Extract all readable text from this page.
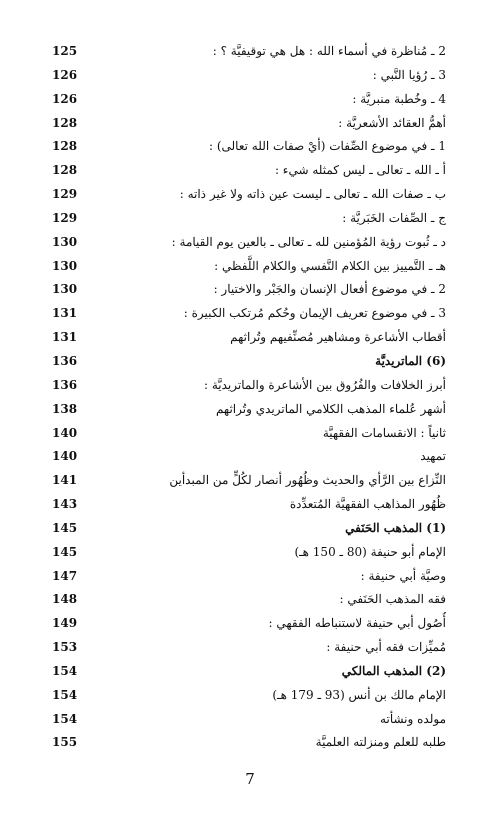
2 ـ مُناظرة في أسماء الله : هل هي توقيفيَّة ؟ :
125
3 ـ رُؤيا النَّبي :
126
4 ـ وخُطبة منبريَّة :
126
أهمُّ العقائد الأشعريَّة :
128
1 ـ في موضوع الصِّفات (أيْ صفات الله تعالى) :
128
أ ـ الله ـ تعالى ـ ليس كمثله شيء :
128
ب ـ صفات الله ـ تعالى ـ ليست عين ذاته ولا غير ذاته :
129
ج ـ الصِّفات الخَبَريَّة :
129
د ـ ثُبوت رؤية المُؤمنين لله ـ تعالى ـ بالعين يوم القيامة :
130
هـ ـ التَّمييز بين الكلام النَّفسي والكلام اللَّفظي :
130
2 ـ في موضوع أفعال الإنسان والجَبْر والاختيار :
130
3 ـ في موضوع تعريف الإيمان وحُكم مُرتكب الكبيرة :
131
أقطاب الأشاعرة ومشاهير مُصنِّفيهم وتُراثهم
131
(6) الماتريديَّة
136
أبرز الخلافات والفُرُوق بين الأشاعرة والماتريديَّة :
136
أشهر عُلماء المذهب الكلامي الماتريدي وتُراثهم
138
ثانياً : الانقسامات الفقهيَّة
140
تمهيد
140
النِّزاع بين الرَّأي والحديث وظُهُور أنصار لكُلٍّ من المبدأين
141
ظُهُور المذاهب الفقهيَّة المُتعدِّدة
143
(1) المذهب الحَنَفي
145
الإمام أبو حنيفة (80 ـ 150 هـ)
145
وصيَّة أبي حنيفة :
147
فقه المذهب الحَنَفي :
148
أُصُول أبي حنيفة لاستنباطه الفقهي :
149
مُميِّزات فقه أبي حنيفة :
153
(2) المذهب المالكي
154
الإمام مالك بن أنس (93 ـ 179 هـ)
154
مولده ونشأته
154
طلبه للعلم ومنزلته العلميَّة
155
7
